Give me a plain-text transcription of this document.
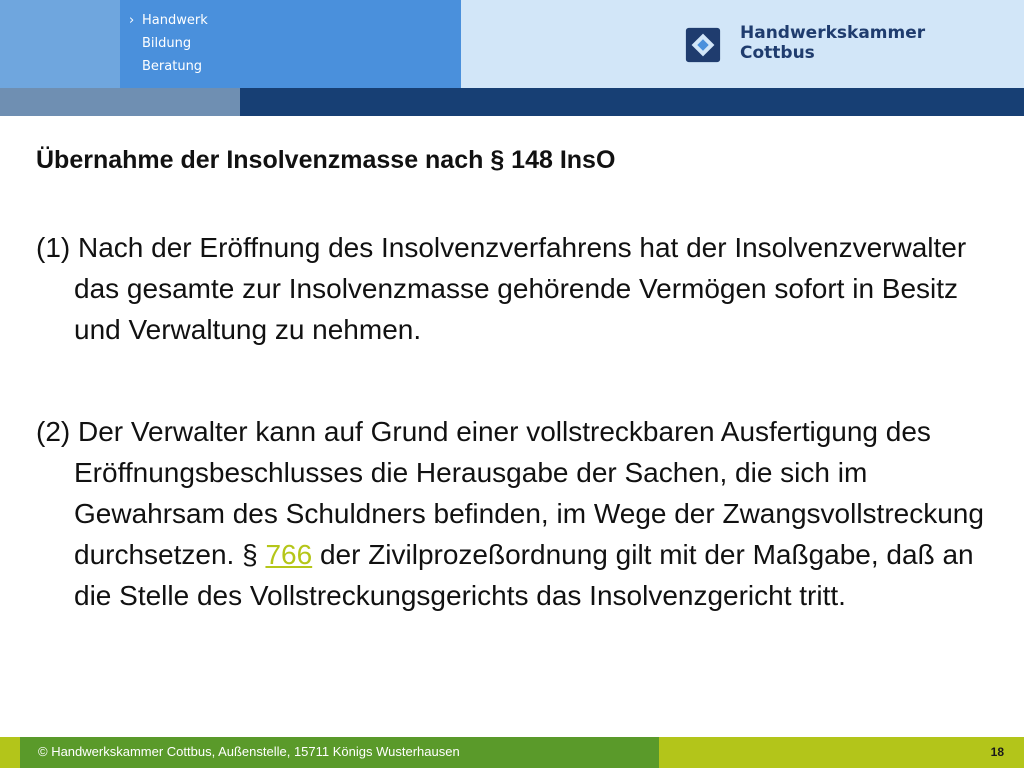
› Handwerk
Bildung
Beratung
Handwerkskammer
Cottbus
Übernahme der Insolvenzmasse nach § 148 InsO

(1) Nach der Eröffnung des Insolvenzverfahrens hat der Insolvenzverwalter das gesamte zur Insolvenzmasse gehörende Vermögen sofort in Besitz und Verwaltung zu nehmen.

(2) Der Verwalter kann auf Grund einer vollstreckbaren Ausfertigung des Eröffnungsbeschlusses die Herausgabe der Sachen, die sich im Gewahrsam des Schuldners befinden, im Wege der Zwangsvollstreckung durchsetzen. § 766 der Zivilprozeßordnung gilt mit der Maßgabe, daß an die Stelle des Vollstreckungsgerichts das Insolvenzgericht tritt.

© Handwerkskammer Cottbus, Außenstelle, 15711 Königs Wusterhausen	18
